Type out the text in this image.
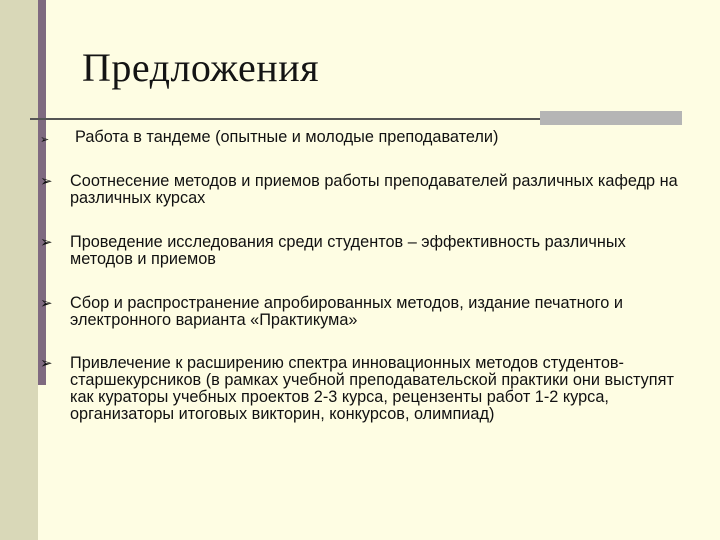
Предложения
➢ Работа в тандеме (опытные и молодые преподаватели)
➢ Соотнесение методов и приемов работы преподавателей различных кафедр на различных курсах
➢ Проведение исследования среди студентов – эффективность различных методов и приемов
➢ Сбор и распространение апробированных методов, издание печатного и электронного варианта «Практикума»
➢ Привлечение к расширению спектра инновационных методов студентов-старшекурсников (в рамках учебной преподавательской практики они выступят как кураторы учебных проектов 2-3 курса, рецензенты работ 1-2 курса, организаторы итоговых викторин, конкурсов, олимпиад)
